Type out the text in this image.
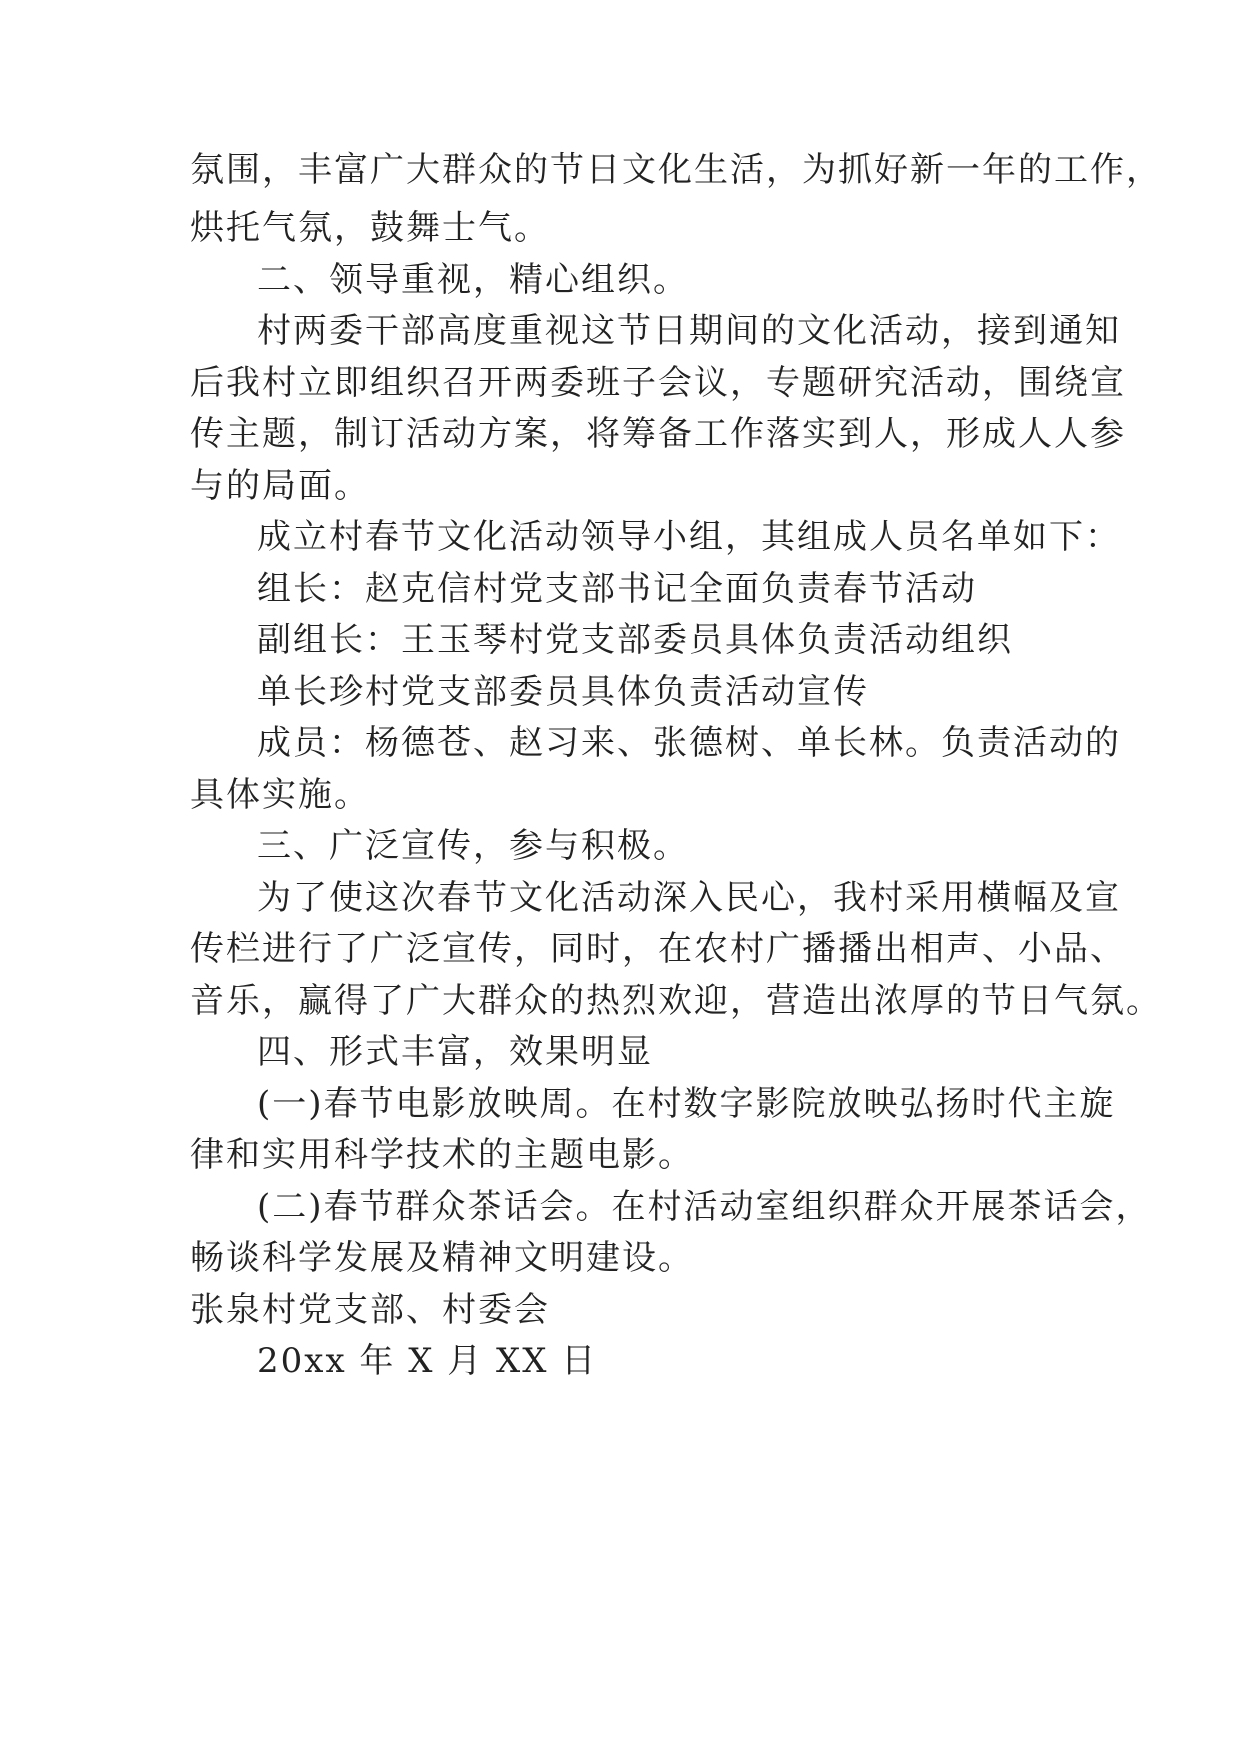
氛围，丰富广大群众的节日文化生活，为抓好新一年的工作，
烘托气氛，鼓舞士气。
二、领导重视，精心组织。
村两委干部高度重视这节日期间的文化活动，接到通知
后我村立即组织召开两委班子会议，专题研究活动，围绕宣
传主题，制订活动方案，将筹备工作落实到人，形成人人参
与的局面。
成立村春节文化活动领导小组，其组成人员名单如下：
组长：赵克信村党支部书记全面负责春节活动
副组长：王玉琴村党支部委员具体负责活动组织
单长珍村党支部委员具体负责活动宣传
成员：杨德苍、赵习来、张德树、单长林。负责活动的
具体实施。
三、广泛宣传，参与积极。
为了使这次春节文化活动深入民心，我村采用横幅及宣
传栏进行了广泛宣传，同时，在农村广播播出相声、小品、
音乐，赢得了广大群众的热烈欢迎，营造出浓厚的节日气氛。
四、形式丰富，效果明显
(一)春节电影放映周。在村数字影院放映弘扬时代主旋
律和实用科学技术的主题电影。
(二)春节群众茶话会。在村活动室组织群众开展茶话会，
畅谈科学发展及精神文明建设。
张泉村党支部、村委会
20xx 年 X 月 XX 日
